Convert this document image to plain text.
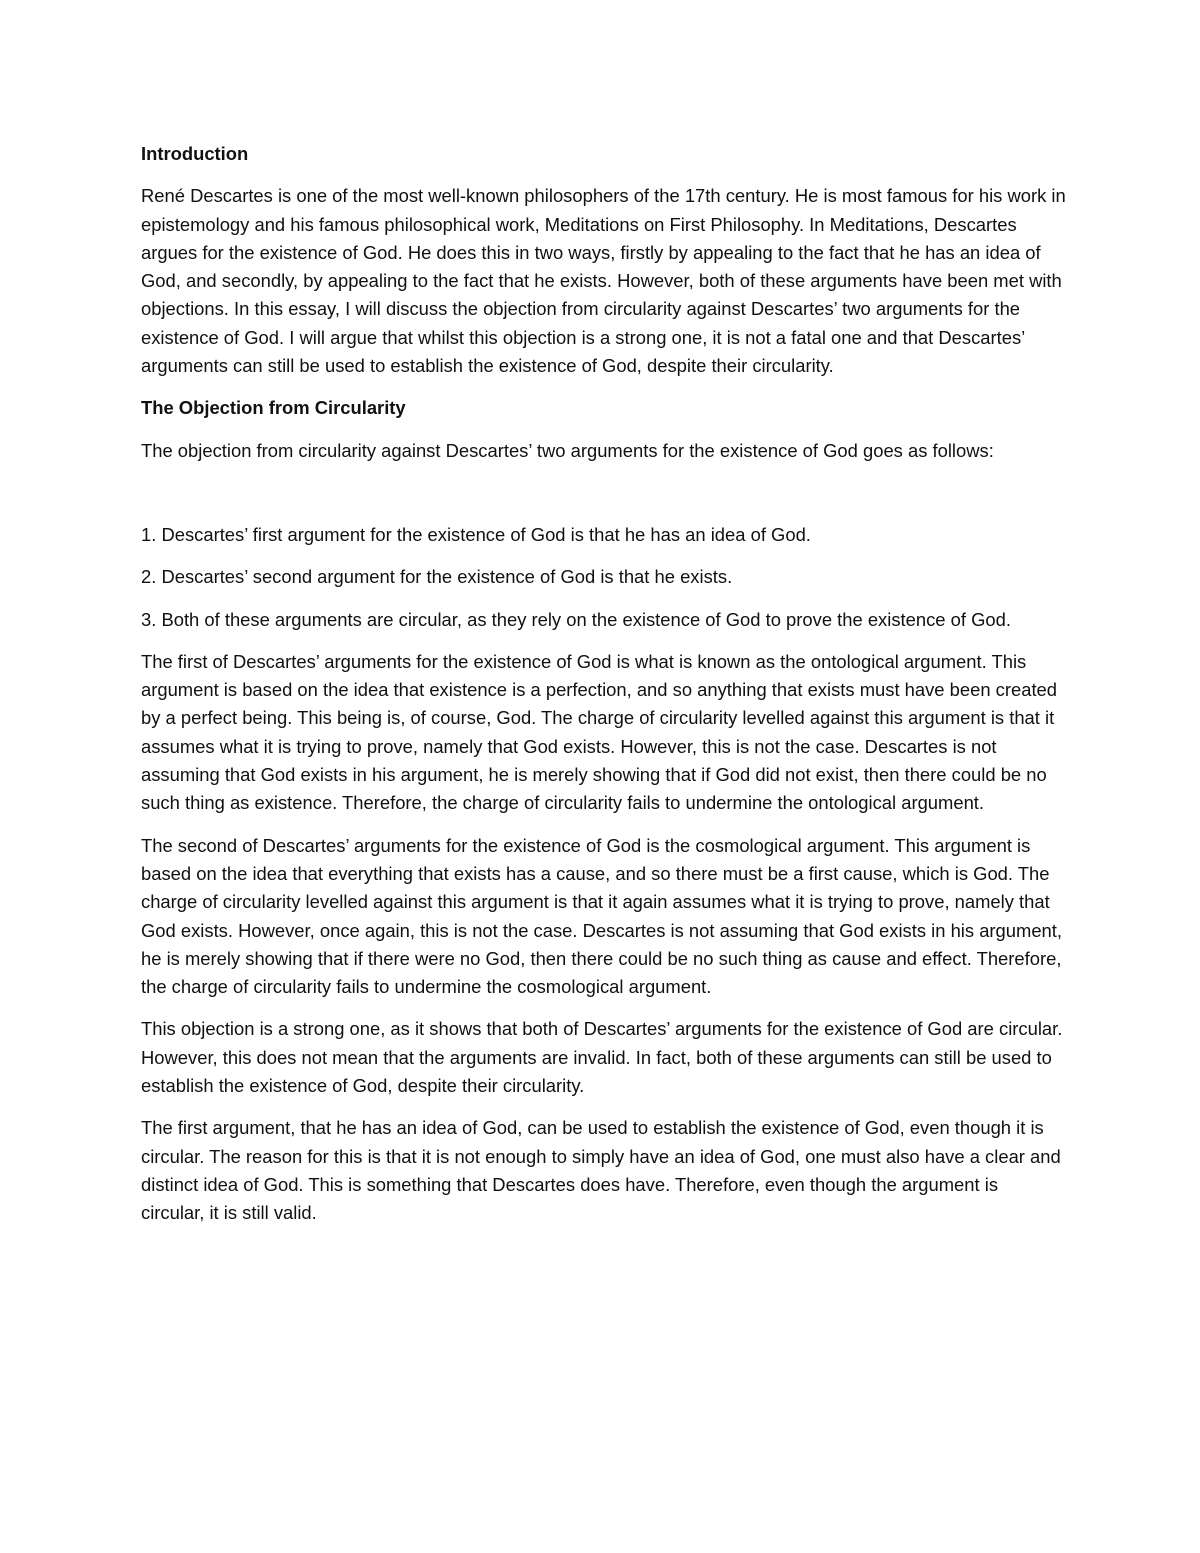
Introduction

René Descartes is one of the most well-known philosophers of the 17th century. He is most famous for his work in epistemology and his famous philosophical work, Meditations on First Philosophy. In Meditations, Descartes argues for the existence of God. He does this in two ways, firstly by appealing to the fact that he has an idea of God, and secondly, by appealing to the fact that he exists. However, both of these arguments have been met with objections. In this essay, I will discuss the objection from circularity against Descartes’ two arguments for the existence of God. I will argue that whilst this objection is a strong one, it is not a fatal one and that Descartes’ arguments can still be used to establish the existence of God, despite their circularity.

The Objection from Circularity

The objection from circularity against Descartes’ two arguments for the existence of God goes as follows:

1. Descartes’ first argument for the existence of God is that he has an idea of God.

2. Descartes’ second argument for the existence of God is that he exists.

3. Both of these arguments are circular, as they rely on the existence of God to prove the existence of God.

The first of Descartes’ arguments for the existence of God is what is known as the ontological argument. This argument is based on the idea that existence is a perfection, and so anything that exists must have been created by a perfect being. This being is, of course, God. The charge of circularity levelled against this argument is that it assumes what it is trying to prove, namely that God exists. However, this is not the case. Descartes is not assuming that God exists in his argument, he is merely showing that if God did not exist, then there could be no such thing as existence. Therefore, the charge of circularity fails to undermine the ontological argument.

The second of Descartes’ arguments for the existence of God is the cosmological argument. This argument is based on the idea that everything that exists has a cause, and so there must be a first cause, which is God. The charge of circularity levelled against this argument is that it again assumes what it is trying to prove, namely that God exists. However, once again, this is not the case. Descartes is not assuming that God exists in his argument, he is merely showing that if there were no God, then there could be no such thing as cause and effect. Therefore, the charge of circularity fails to undermine the cosmological argument.

This objection is a strong one, as it shows that both of Descartes’ arguments for the existence of God are circular. However, this does not mean that the arguments are invalid. In fact, both of these arguments can still be used to establish the existence of God, despite their circularity.

The first argument, that he has an idea of God, can be used to establish the existence of God, even though it is circular. The reason for this is that it is not enough to simply have an idea of God, one must also have a clear and distinct idea of God. This is something that Descartes does have. Therefore, even though the argument is circular, it is still valid.
